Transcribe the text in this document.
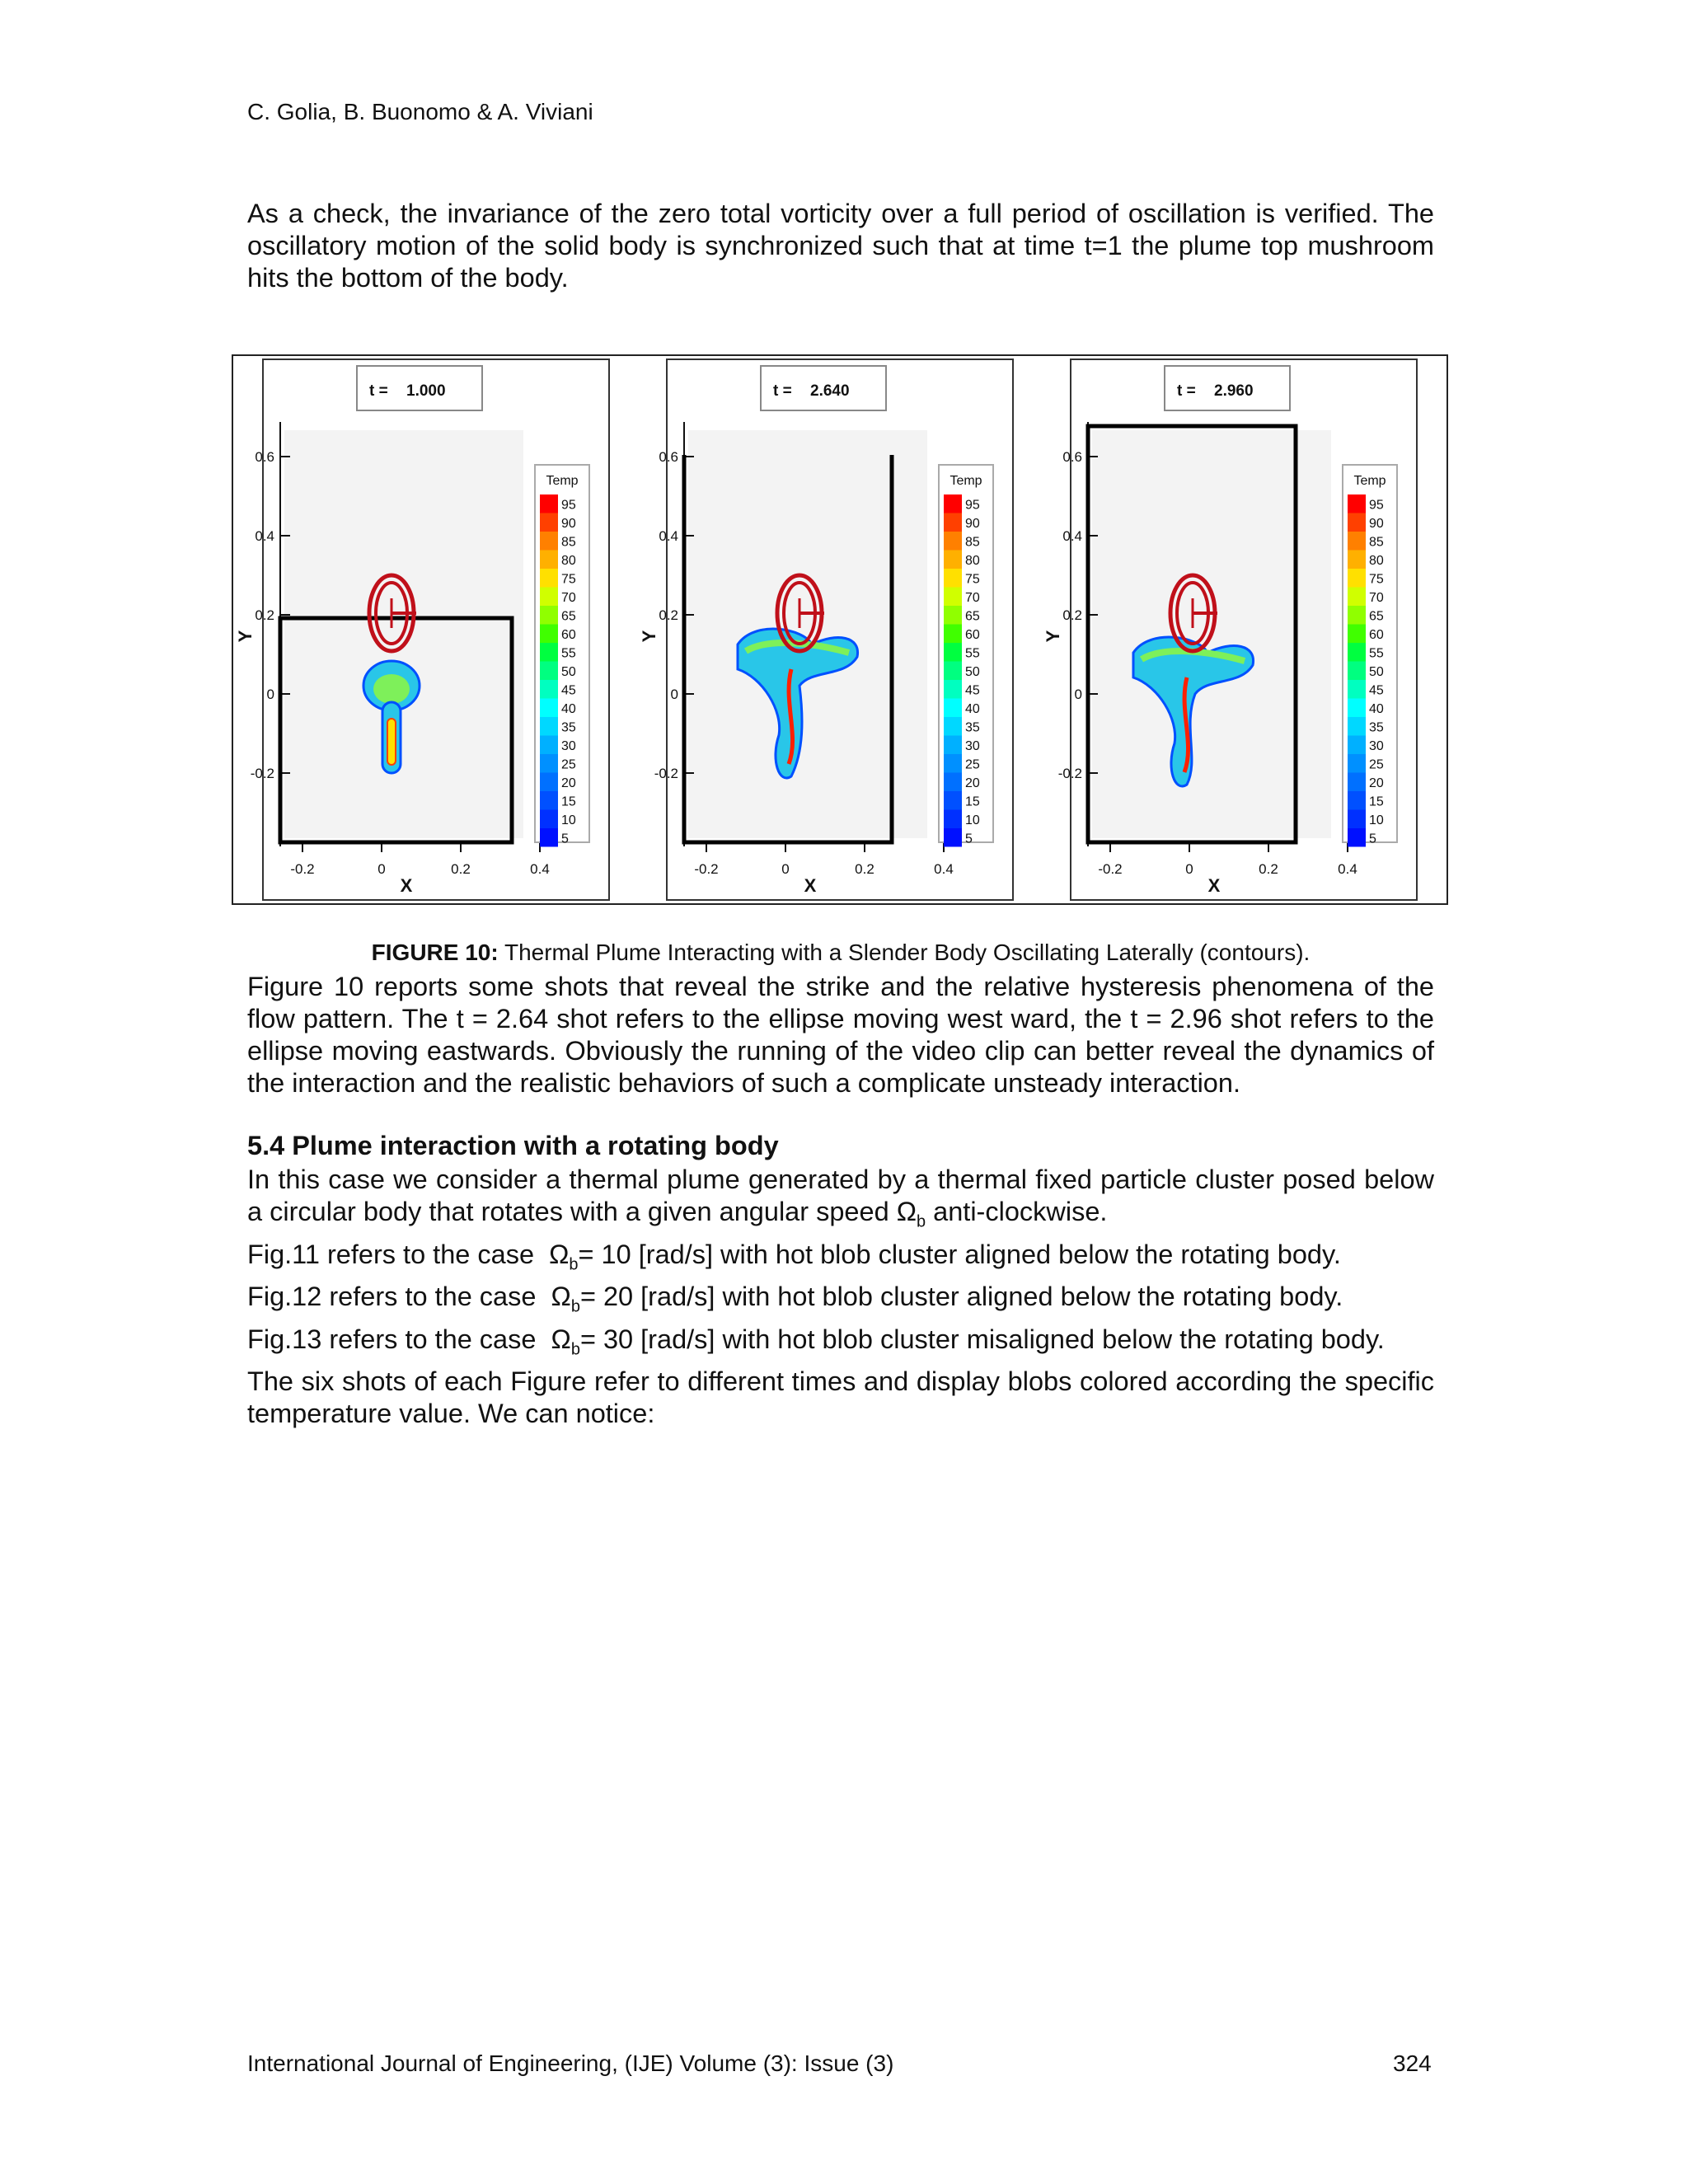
C. Golia, B. Buonomo & A. Viviani

As a check, the invariance of the zero total vorticity over a full period of oscillation is verified. The oscillatory motion of the solid body is synchronized such that at time t=1 the plume top mushroom hits the bottom of the body.

t = 1.000
0.6
0.4
0.2
0
-0.2
Y
-0.2	0	0.2	0.4
X
Temp
95
90
85
80
75
70
65
60
55
50
45
40
35
30
25
20
15
10
5
t = 2.640
0.6
0.4
0.2
0
-0.2
Y
-0.2	0	0.2	0.4
X
Temp
95
90
85
80
75
70
65
60
55
50
45
40
35
30
25
20
15
10
5
t = 2.960
0.6
0.4
0.2
0
-0.2
Y
-0.2	0	0.2	0.4
X
Temp
95
90
85
80
75
70
65
60
55
50
45
40
35
30
25
20
15
10
5
FIGURE 10: Thermal Plume Interacting with a Slender Body Oscillating Laterally (contours).

Figure 10 reports some shots that reveal the strike and the relative hysteresis phenomena of the flow pattern. The t = 2.64 shot refers to the ellipse moving west ward, the t = 2.96 shot refers to the ellipse moving eastwards. Obviously the running of the video clip can better reveal the dynamics of the interaction and the realistic behaviors of such a complicate unsteady interaction.

5.4 Plume interaction with a rotating body

In this case we consider a thermal plume generated by a thermal fixed particle cluster posed below a circular body that rotates with a given angular speed $\Omega_b$ anti-clockwise.

Fig.11 refers to the case $\Omega_b= 10$ [rad/s] with hot blob cluster aligned below the rotating body.

Fig.12 refers to the case $\Omega_b= 20$ [rad/s] with hot blob cluster aligned below the rotating body.

Fig.13 refers to the case $\Omega_b= 30$ [rad/s] with hot blob cluster misaligned below the rotating body.

The six shots of each Figure refer to different times and display blobs colored according the specific temperature value. We can notice:

International Journal of Engineering, (IJE) Volume (3): Issue (3)	324
